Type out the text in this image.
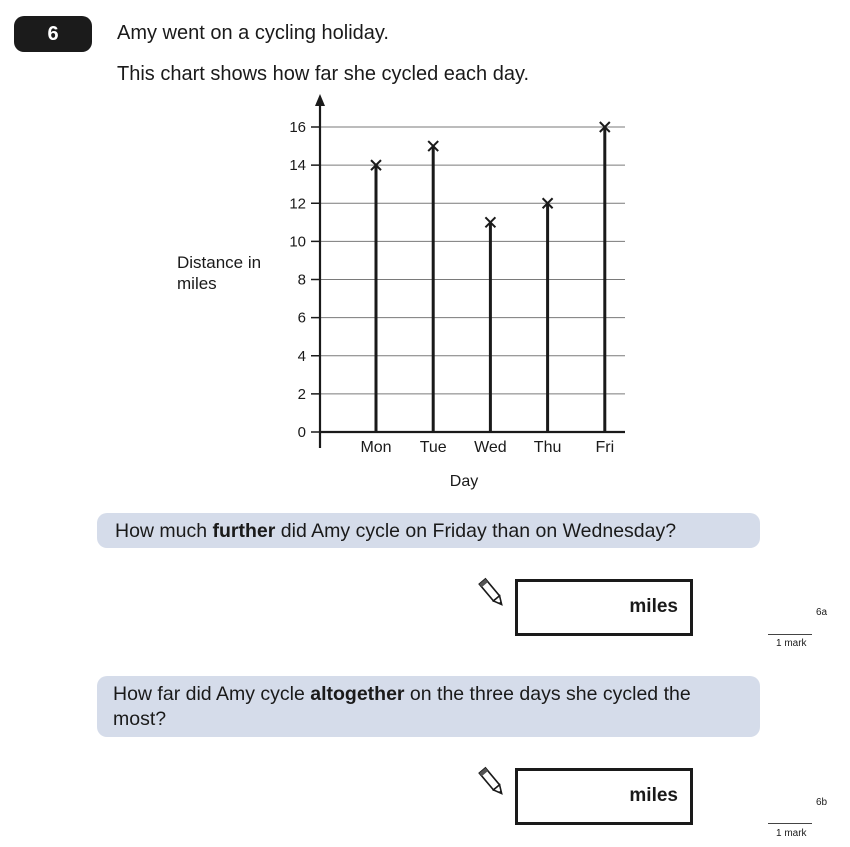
6	Amy went on a cycling holiday.
This chart shows how far she cycled each day.
Distance in
miles
0
2
4
6
8
10
12
14
16
Mon Tue Wed Thu Fri
Day
How much further did Amy cycle on Friday than on Wednesday?
miles	6a
1 mark
How far did Amy cycle altogether on the three days she cycled the most?
miles	6b
1 mark
